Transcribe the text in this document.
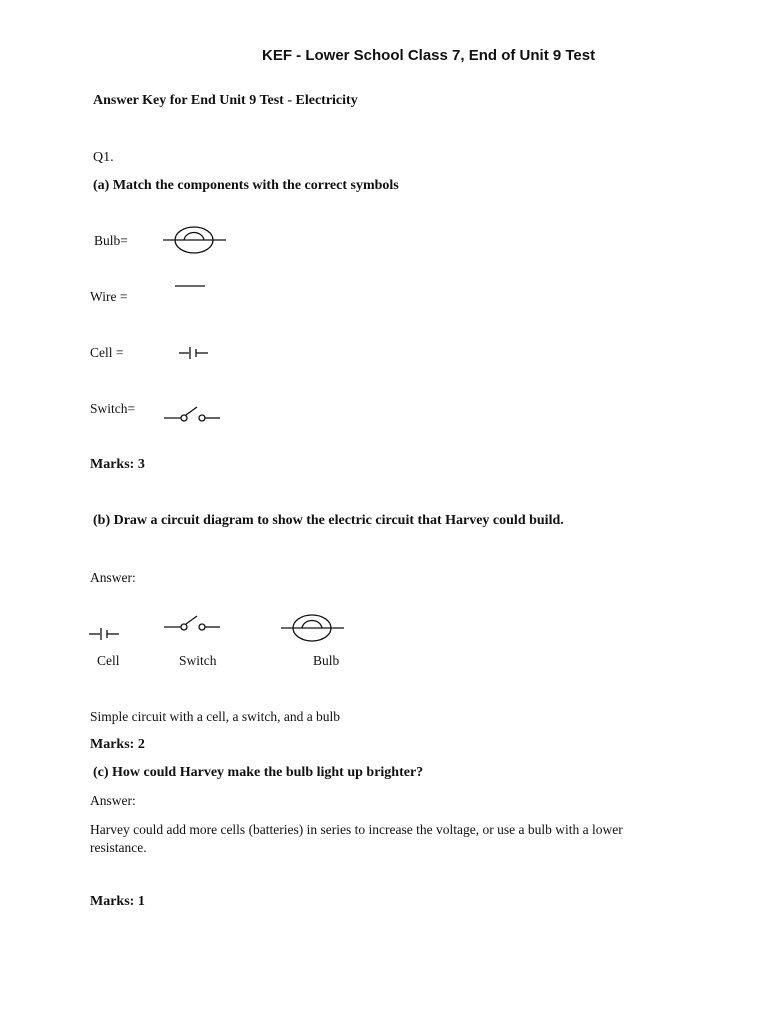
KEF - Lower School Class 7, End of Unit 9 Test
Answer Key for End Unit 9 Test - Electricity
Q1.
(a) Match the components with the correct symbols
Bulb=
Wire =
Cell =
Switch=
Marks: 3
(b) Draw a circuit diagram to show the electric circuit that Harvey could build.
Answer:
Cell	Switch	Bulb
Simple circuit with a cell, a switch, and a bulb
Marks: 2
(c) How could Harvey make the bulb light up brighter?
Answer:
Harvey could add more cells (batteries) in series to increase the voltage, or use a bulb with a lower resistance.
Marks: 1
